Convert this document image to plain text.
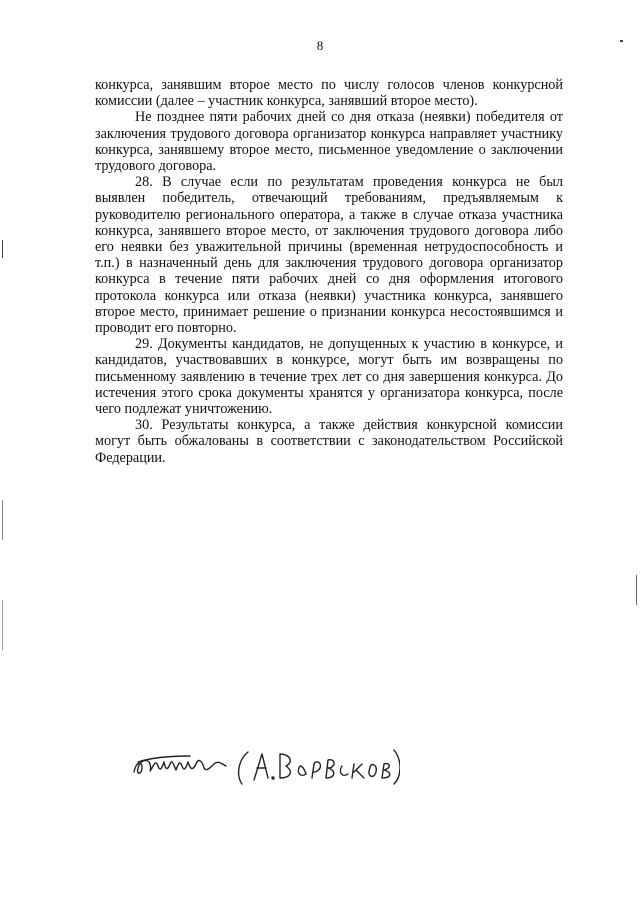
8

конкурса, занявшим второе место по числу голосов членов конкурсной комиссии (далее – участник конкурса, занявший второе место).

Не позднее пяти рабочих дней со дня отказа (неявки) победителя от заключения трудового договора организатор конкурса направляет участнику конкурса, занявшему второе место, письменное уведомление о заключении трудового договора.

28. В случае если по результатам проведения конкурса не был выявлен победитель, отвечающий требованиям, предъявляемым к руководителю регионального оператора, а также в случае отказа участника конкурса, занявшего второе место, от заключения трудового договора либо его неявки без уважительной причины (временная нетрудоспособность и т.п.) в назначенный день для заключения трудового договора организатор конкурса в течение пяти рабочих дней со дня оформления итогового протокола конкурса или отказа (неявки) участника конкурса, занявшего второе место, принимает решение о признании конкурса несостоявшимся и проводит его повторно.

29. Документы кандидатов, не допущенных к участию в конкурсе, и кандидатов, участвовавших в конкурсе, могут быть им возвращены по письменному заявлению в течение трех лет со дня завершения конкурса. До истечения этого срока документы хранятся у организатора конкурса, после чего подлежат уничтожению.

30. Результаты конкурса, а также действия конкурсной комиссии могут быть обжалованы в соответствии с законодательством Российской Федерации.
